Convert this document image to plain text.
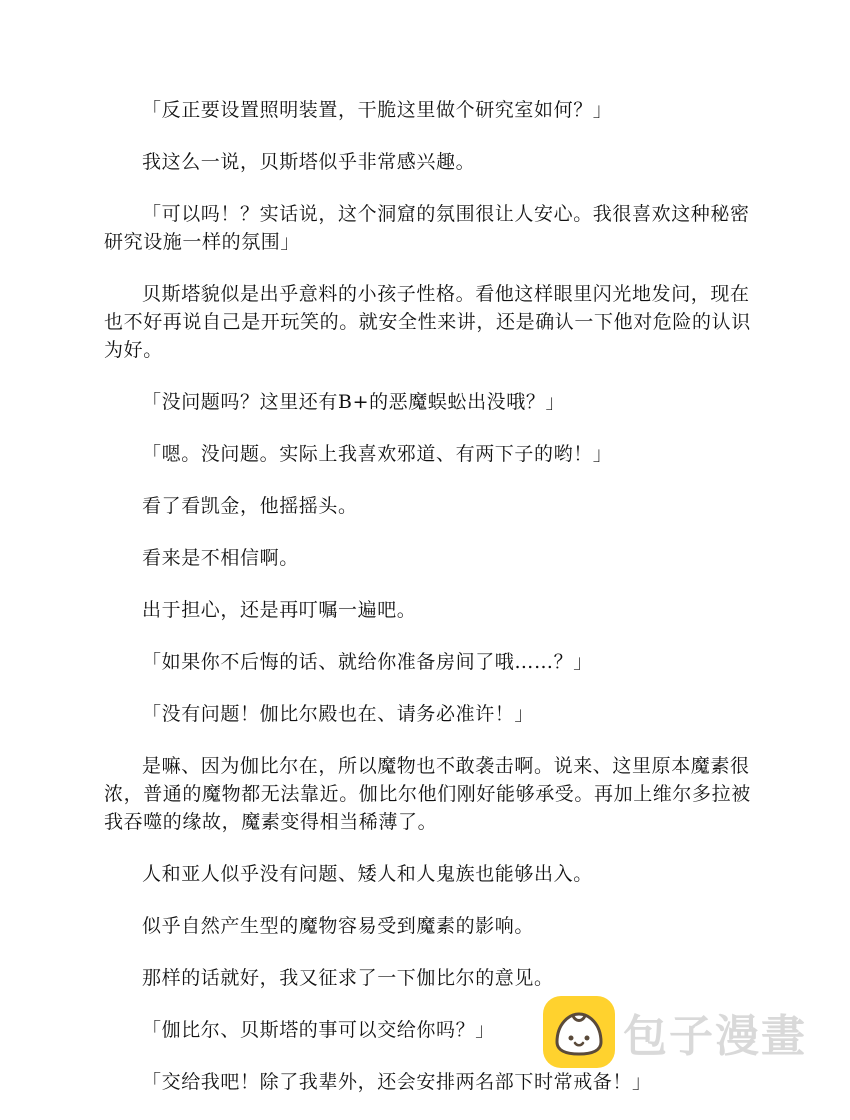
「反正要设置照明装置，干脆这里做个研究室如何？」

我这么一说，贝斯塔似乎非常感兴趣。

「可以吗！？实话说，这个洞窟的氛围很让人安心。我很喜欢这种秘密研究设施一样的氛围」

贝斯塔貌似是出乎意料的小孩子性格。看他这样眼里闪光地发问，现在也不好再说自己是开玩笑的。就安全性来讲，还是确认一下他对危险的认识为好。

「没问题吗？这里还有B+的恶魔蜈蚣出没哦？」

「嗯。没问题。实际上我喜欢邪道、有两下子的哟！」

看了看凯金，他摇摇头。

看来是不相信啊。

出于担心，还是再叮嘱一遍吧。

「如果你不后悔的话、就给你准备房间了哦……？」

「没有问题！伽比尔殿也在、请务必准许！」

是嘛、因为伽比尔在，所以魔物也不敢袭击啊。说来、这里原本魔素很浓，普通的魔物都无法靠近。伽比尔他们刚好能够承受。再加上维尔多拉被我吞噬的缘故，魔素变得相当稀薄了。

人和亚人似乎没有问题、矮人和人鬼族也能够出入。

似乎自然产生型的魔物容易受到魔素的影响。

那样的话就好，我又征求了一下伽比尔的意见。

「伽比尔、贝斯塔的事可以交给你吗？」

「交给我吧！除了我辈外，还会安排两名部下时常戒备！」

包子漫畫
